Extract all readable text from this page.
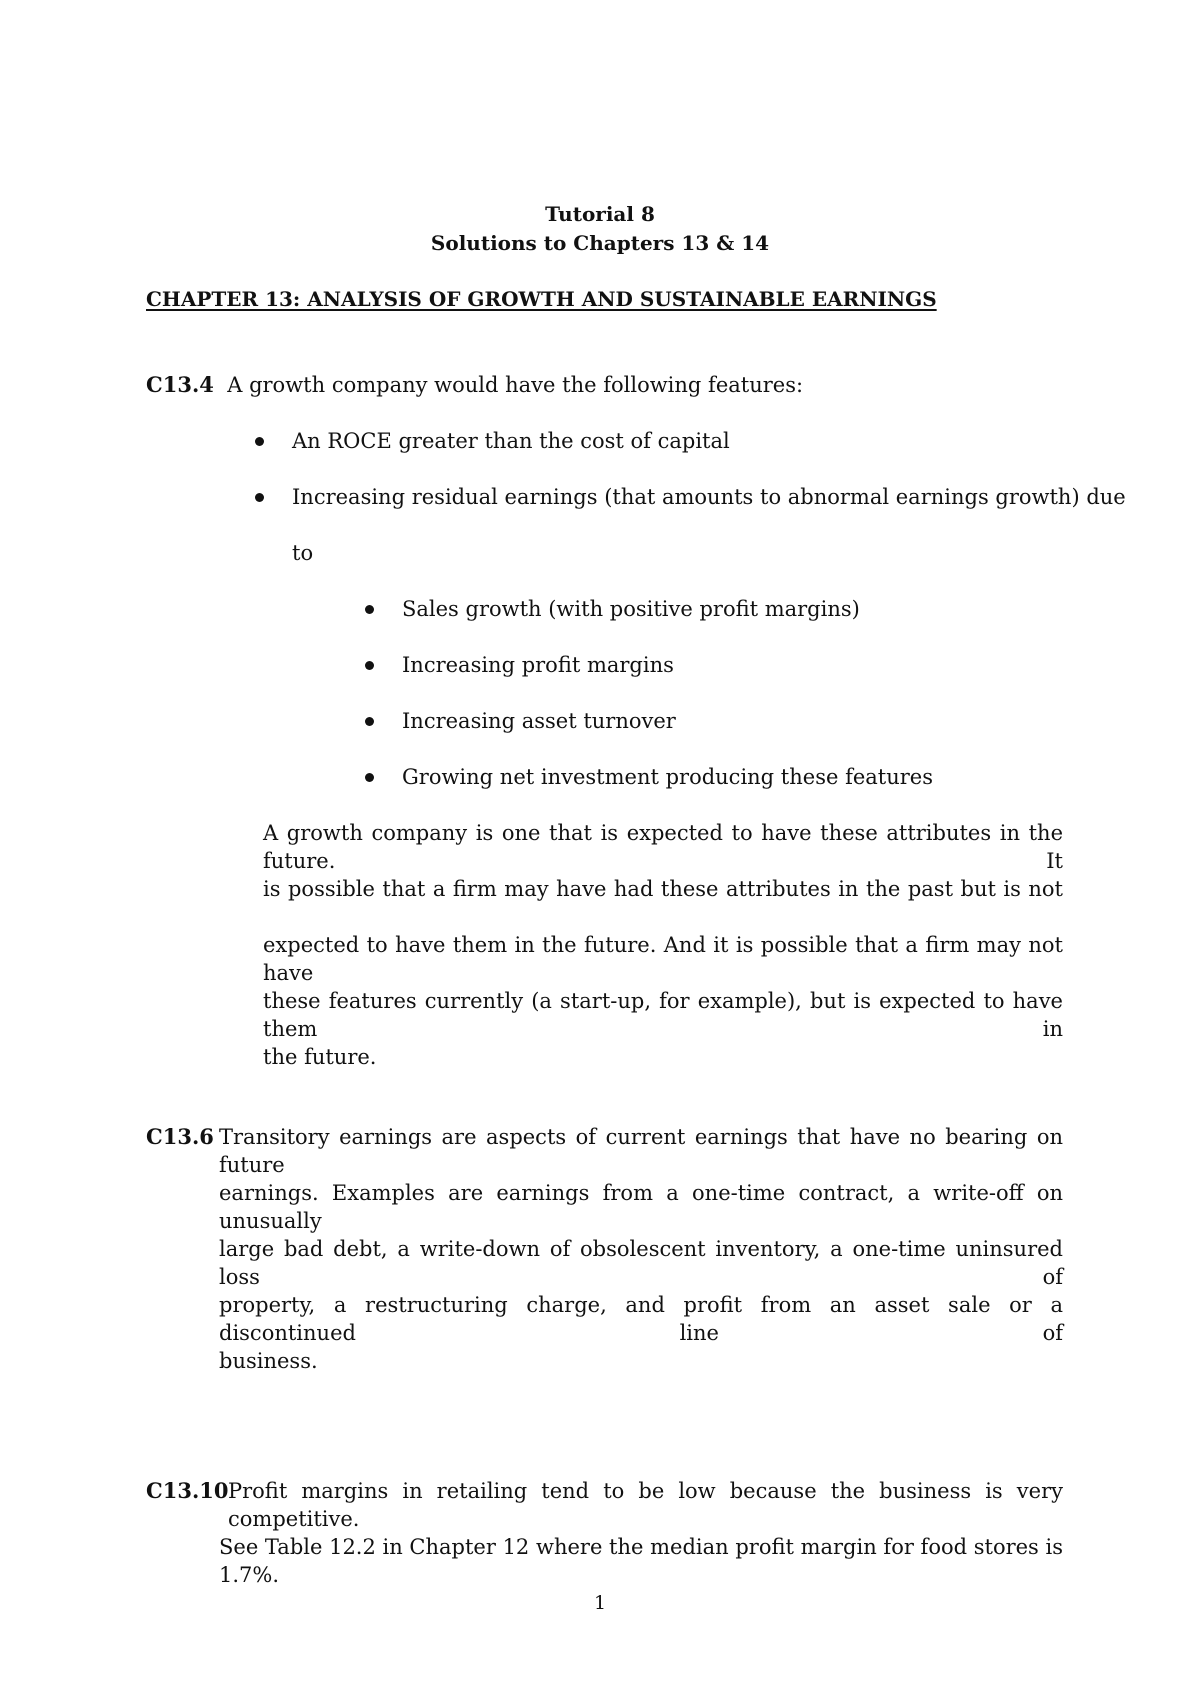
Tutorial 8
Solutions to Chapters 13 & 14
CHAPTER 13: ANALYSIS OF GROWTH AND SUSTAINABLE EARNINGS
C13.4 A growth company would have the following features:
An ROCE greater than the cost of capital
Increasing residual earnings (that amounts to abnormal earnings growth) due
to
Sales growth (with positive profit margins)
Increasing profit margins
Increasing asset turnover
Growing net investment producing these features
A growth company is one that is expected to have these attributes in the future. It
is possible that a firm may have had these attributes in the past but is not
expected to have them in the future. And it is possible that a firm may not have
these features currently (a start-up, for example), but is expected to have them in
the future.
C13.6 Transitory earnings are aspects of current earnings that have no bearing on future
earnings. Examples are earnings from a one-time contract, a write-off on unusually
large bad debt, a write-down of obsolescent inventory, a one-time uninsured loss of
property, a restructuring charge, and profit from an asset sale or a discontinued line of
business.
C13.10 Profit margins in retailing tend to be low because the business is very competitive.
See Table 12.2 in Chapter 12 where the median profit margin for food stores is 1.7%.
1
